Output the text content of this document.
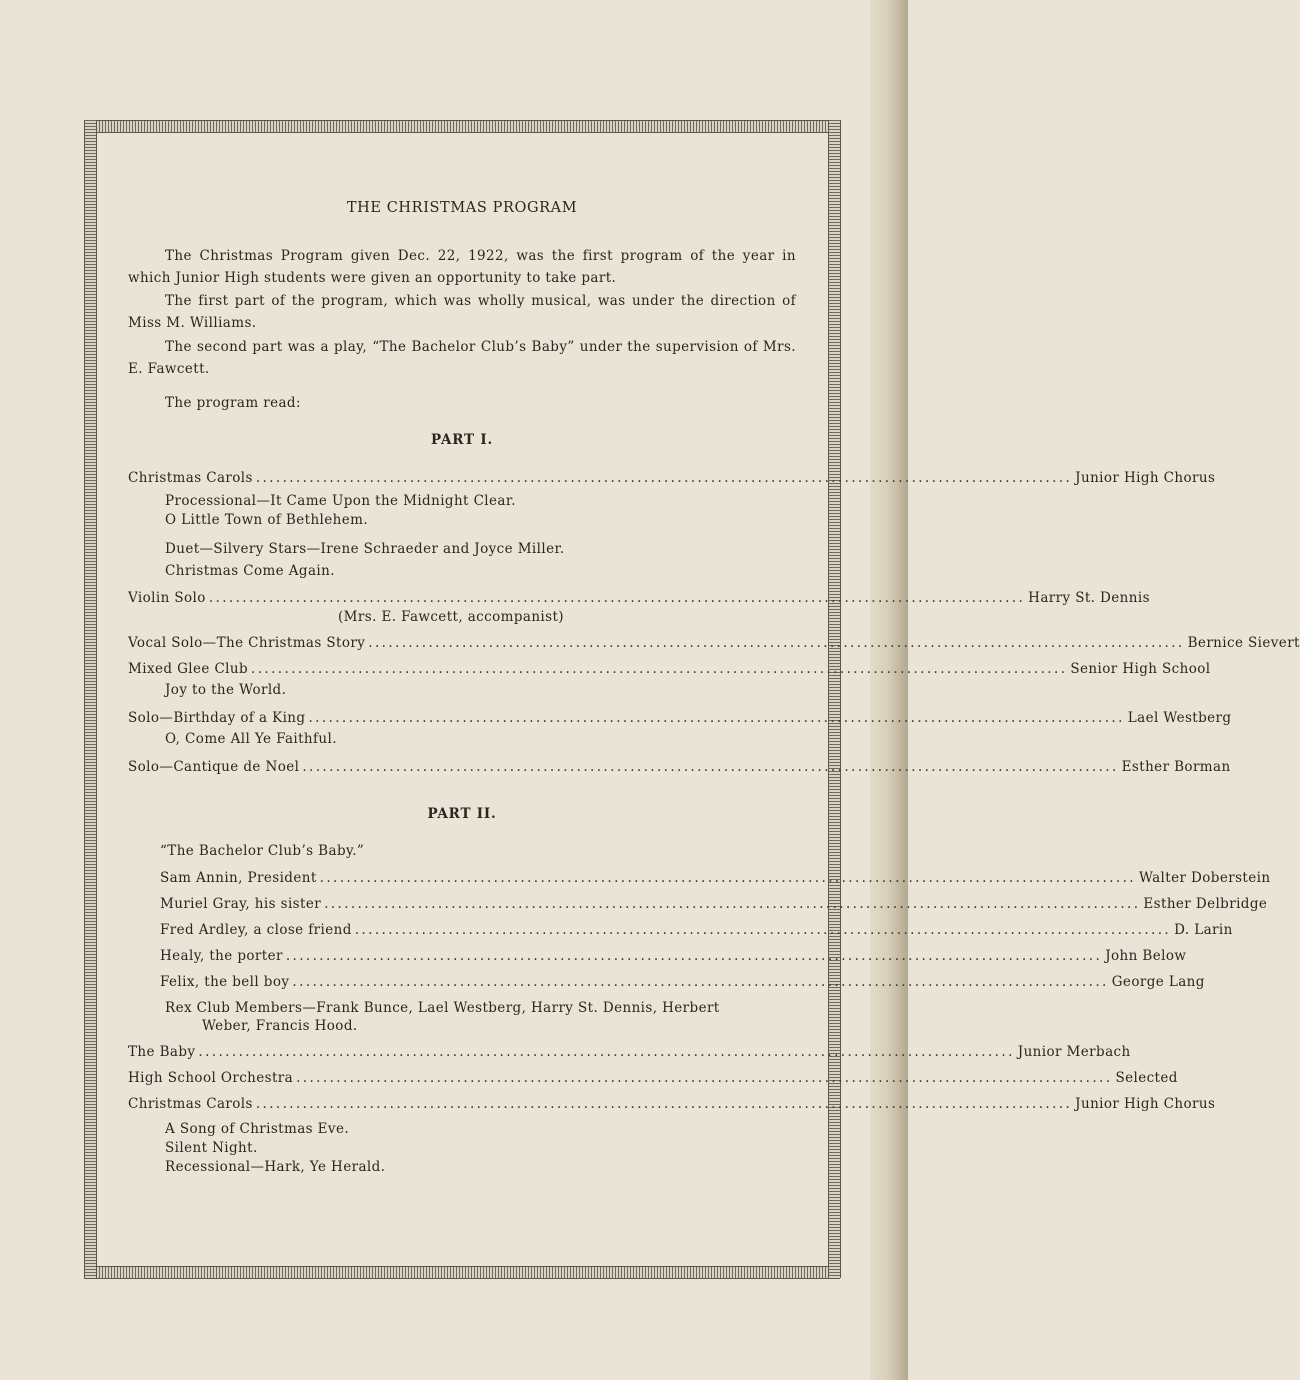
THE CHRISTMAS PROGRAM
The Christmas Program given Dec. 22, 1922, was the first program of the year in which Junior High students were given an opportunity to take part.
The first part of the program, which was wholly musical, was under the direction of Miss M. Williams.
The second part was a play, “The Bachelor Club’s Baby” under the supervision of Mrs. E. Fawcett.
The program read:
PART I.
Christmas Carols .......................................................................................................................... Junior High Chorus
Processional—It Came Upon the Midnight Clear.
O Little Town of Bethlehem.
Duet—Silvery Stars—Irene Schraeder and Joyce Miller.
Christmas Come Again.
Violin Solo .......................................................................................................................... Harry St. Dennis
(Mrs. E. Fawcett, accompanist)
Vocal Solo—The Christmas Story .......................................................................................................................... Bernice Sievert
Mixed Glee Club .......................................................................................................................... Senior High School
Joy to the World.
Solo—Birthday of a King .......................................................................................................................... Lael Westberg
O, Come All Ye Faithful.
Solo—Cantique de Noel .......................................................................................................................... Esther Borman
PART II.
“The Bachelor Club’s Baby.”
Sam Annin, President .......................................................................................................................... Walter Doberstein
Muriel Gray, his sister .......................................................................................................................... Esther Delbridge
Fred Ardley, a close friend .......................................................................................................................... D. Larin
Healy, the porter .......................................................................................................................... John Below
Felix, the bell boy .......................................................................................................................... George Lang
Rex Club Members—Frank Bunce, Lael Westberg, Harry St. Dennis, Herbert
Weber, Francis Hood.
The Baby .......................................................................................................................... Junior Merbach
High School Orchestra .......................................................................................................................... Selected
Christmas Carols .......................................................................................................................... Junior High Chorus
A Song of Christmas Eve.
Silent Night.
Recessional—Hark, Ye Herald.
